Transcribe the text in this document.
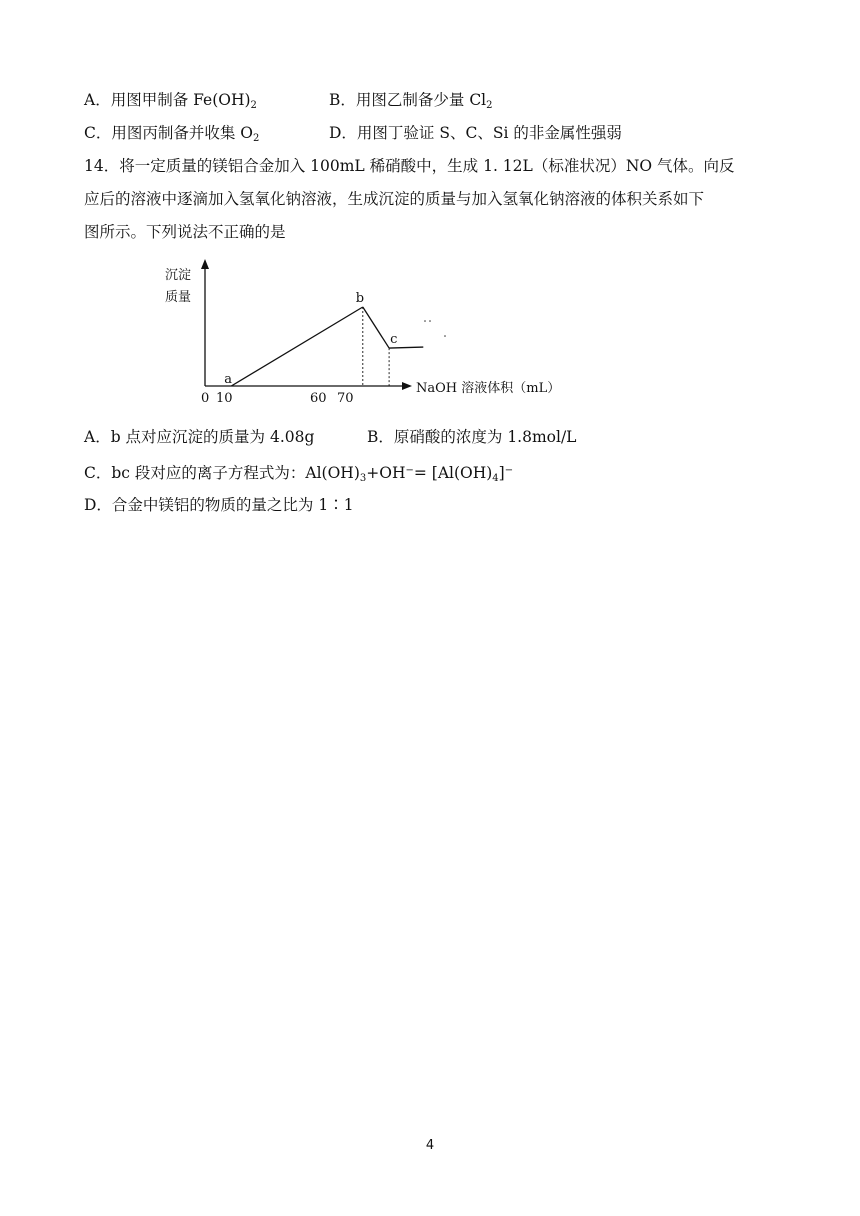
A．用图甲制备 $Fe(OH)_2$	B．用图乙制备少量 $Cl_2$
C．用图丙制备并收集 $O_2$	D．用图丁验证 S、C、Si 的非金属性强弱
14．将一定质量的镁铝合金加入 100mL 稀硝酸中，生成 1. 12L（标准状况）NO 气体。向反
应后的溶液中逐滴加入氢氧化钠溶液，生成沉淀的质量与加入氢氧化钠溶液的体积关系如下
图所示。下列说法不正确的是
沉淀
质量
NaOH 溶液体积（mL）
0 10	60 70
a
b
c
A．b 点对应沉淀的质量为 4.08g	B．原硝酸的浓度为 1.8mol/L
C．bc 段对应的离子方程式为：$Al(OH)_3+OH^-= [Al(OH)_4]^-$
D．合金中镁铝的物质的量之比为 1∶1
4
